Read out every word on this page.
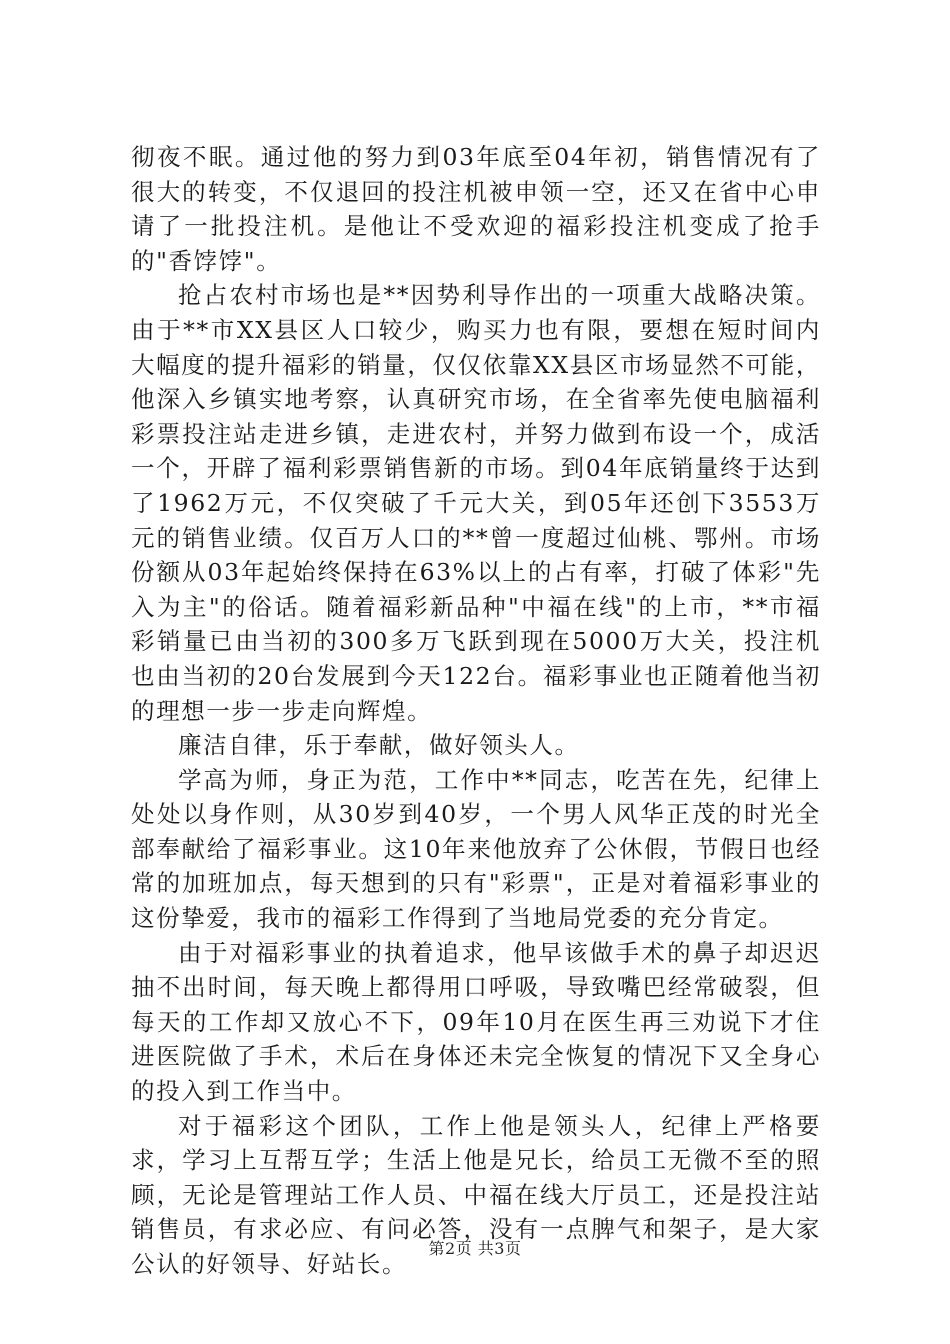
彻夜不眠。通过他的努力到03年底至04年初，销售情况有了很大的转变，不仅退回的投注机被申领一空，还又在省中心申请了一批投注机。是他让不受欢迎的福彩投注机变成了抢手的"香饽饽"。

抢占农村市场也是**因势利导作出的一项重大战略决策。由于**市XX县区人口较少，购买力也有限，要想在短时间内大幅度的提升福彩的销量，仅仅依靠XX县区市场显然不可能，他深入乡镇实地考察，认真研究市场，在全省率先使电脑福利彩票投注站走进乡镇，走进农村，并努力做到布设一个，成活一个，开辟了福利彩票销售新的市场。到04年底销量终于达到了1962万元，不仅突破了千元大关，到05年还创下3553万元的销售业绩。仅百万人口的**曾一度超过仙桃、鄂州。市场份额从03年起始终保持在63%以上的占有率，打破了体彩"先入为主"的俗话。随着福彩新品种"中福在线"的上市，**市福彩销量已由当初的300多万飞跃到现在5000万大关，投注机也由当初的20台发展到今天122台。福彩事业也正随着他当初的理想一步一步走向辉煌。

廉洁自律，乐于奉献，做好领头人。

学高为师，身正为范，工作中**同志，吃苦在先，纪律上处处以身作则，从30岁到40岁，一个男人风华正茂的时光全部奉献给了福彩事业。这10年来他放弃了公休假，节假日也经常的加班加点，每天想到的只有"彩票"，正是对着福彩事业的这份挚爱，我市的福彩工作得到了当地局党委的充分肯定。

由于对福彩事业的执着追求，他早该做手术的鼻子却迟迟抽不出时间，每天晚上都得用口呼吸，导致嘴巴经常破裂，但每天的工作却又放心不下，09年10月在医生再三劝说下才住进医院做了手术，术后在身体还未完全恢复的情况下又全身心的投入到工作当中。

对于福彩这个团队，工作上他是领头人，纪律上严格要求，学习上互帮互学；生活上他是兄长，给员工无微不至的照顾，无论是管理站工作人员、中福在线大厅员工，还是投注站销售员，有求必应、有问必答，没有一点脾气和架子，是大家公认的好领导、好站长。

第2页 共3页
